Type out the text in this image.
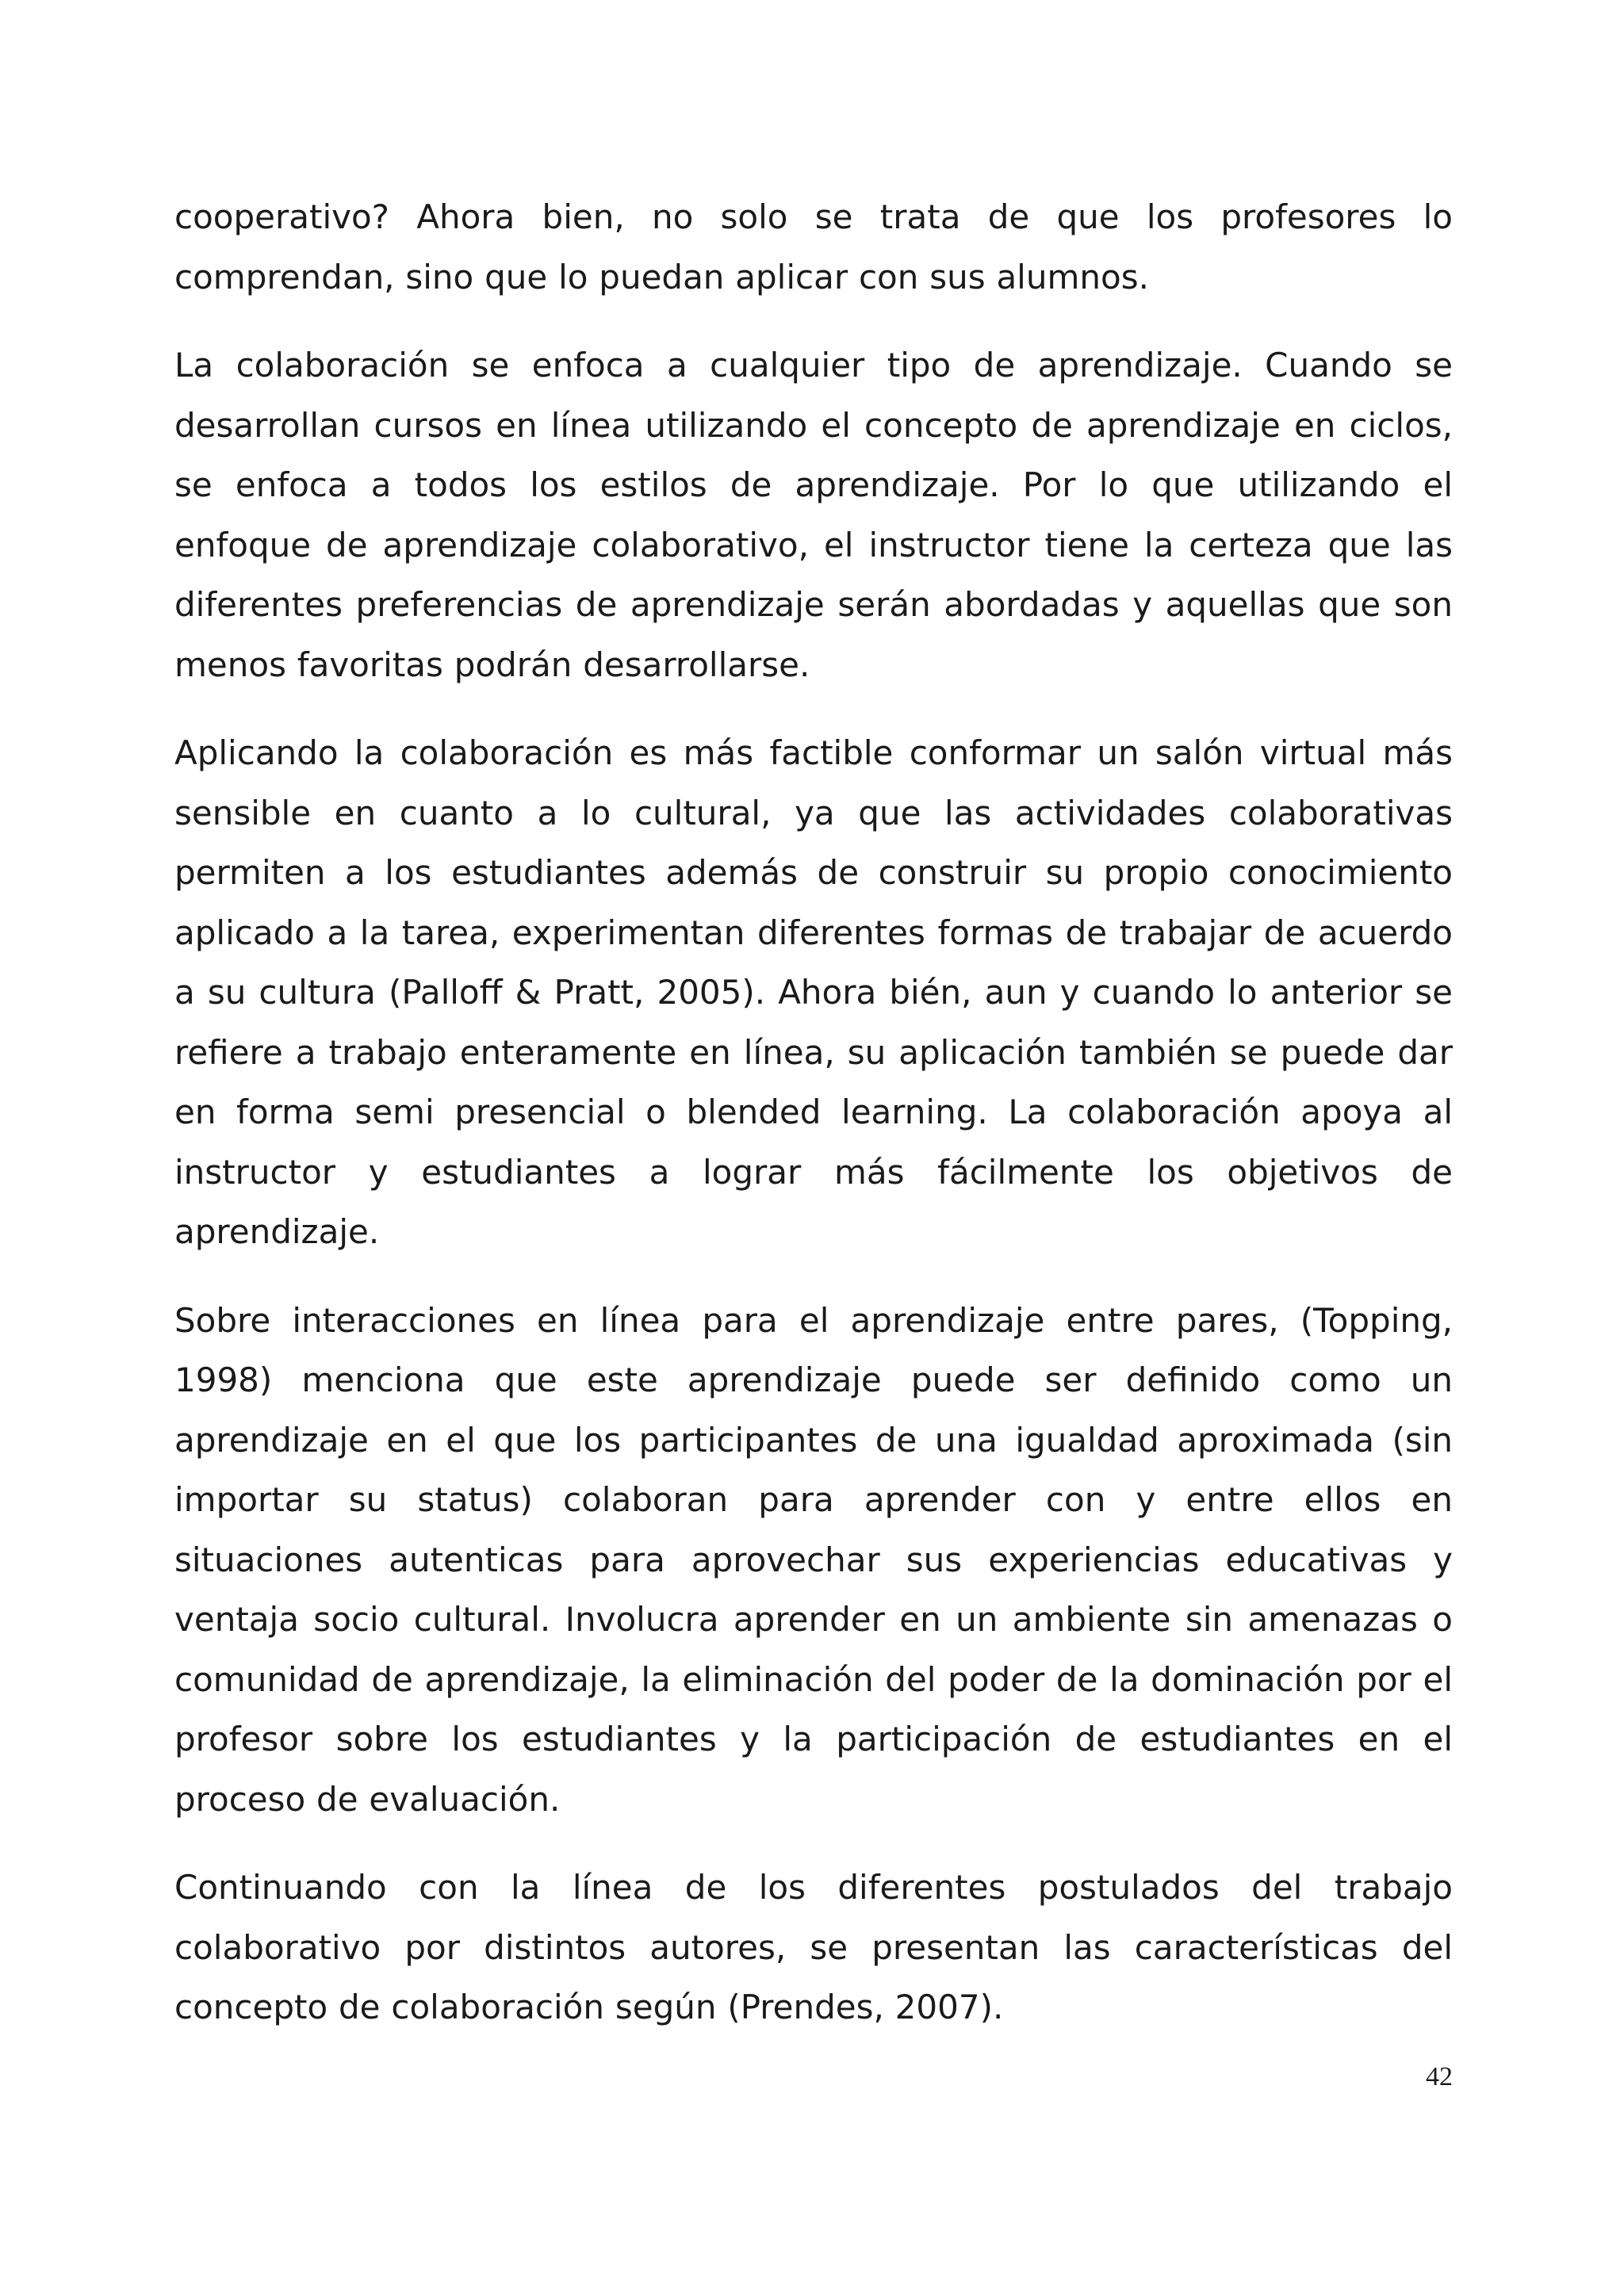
cooperativo? Ahora bien, no solo se trata de que los profesores lo comprendan, sino que lo puedan aplicar con sus alumnos.

La colaboración se enfoca a cualquier tipo de aprendizaje. Cuando se desarrollan cursos en línea utilizando el concepto de aprendizaje en ciclos, se enfoca a todos los estilos de aprendizaje. Por lo que utilizando el enfoque de aprendizaje colaborativo, el instructor tiene la certeza que las diferentes preferencias de aprendizaje serán abordadas y aquellas que son menos favoritas podrán desarrollarse.

Aplicando la colaboración es más factible conformar un salón virtual más sensible en cuanto a lo cultural, ya que las actividades colaborativas permiten a los estudiantes además de construir su propio conocimiento aplicado a la tarea, experimentan diferentes formas de trabajar de acuerdo a su cultura (Palloff & Pratt, 2005). Ahora bién, aun y cuando lo anterior se refiere a trabajo enteramente en línea, su aplicación también se puede dar en forma semi presencial o blended learning. La colaboración apoya al instructor y estudiantes a lograr más fácilmente los objetivos de aprendizaje.

Sobre interacciones en línea para el aprendizaje entre pares, (Topping, 1998) menciona que este aprendizaje puede ser definido como un aprendizaje en el que los participantes de una igualdad aproximada (sin importar su status) colaboran para aprender con y entre ellos en situaciones autenticas para aprovechar sus experiencias educativas y ventaja socio cultural. Involucra aprender en un ambiente sin amenazas o comunidad de aprendizaje, la eliminación del poder de la dominación por el profesor sobre los estudiantes y la participación de estudiantes en el proceso de evaluación.

Continuando con la línea de los diferentes postulados del trabajo colaborativo por distintos autores, se presentan las características del concepto de colaboración según (Prendes, 2007).

42
